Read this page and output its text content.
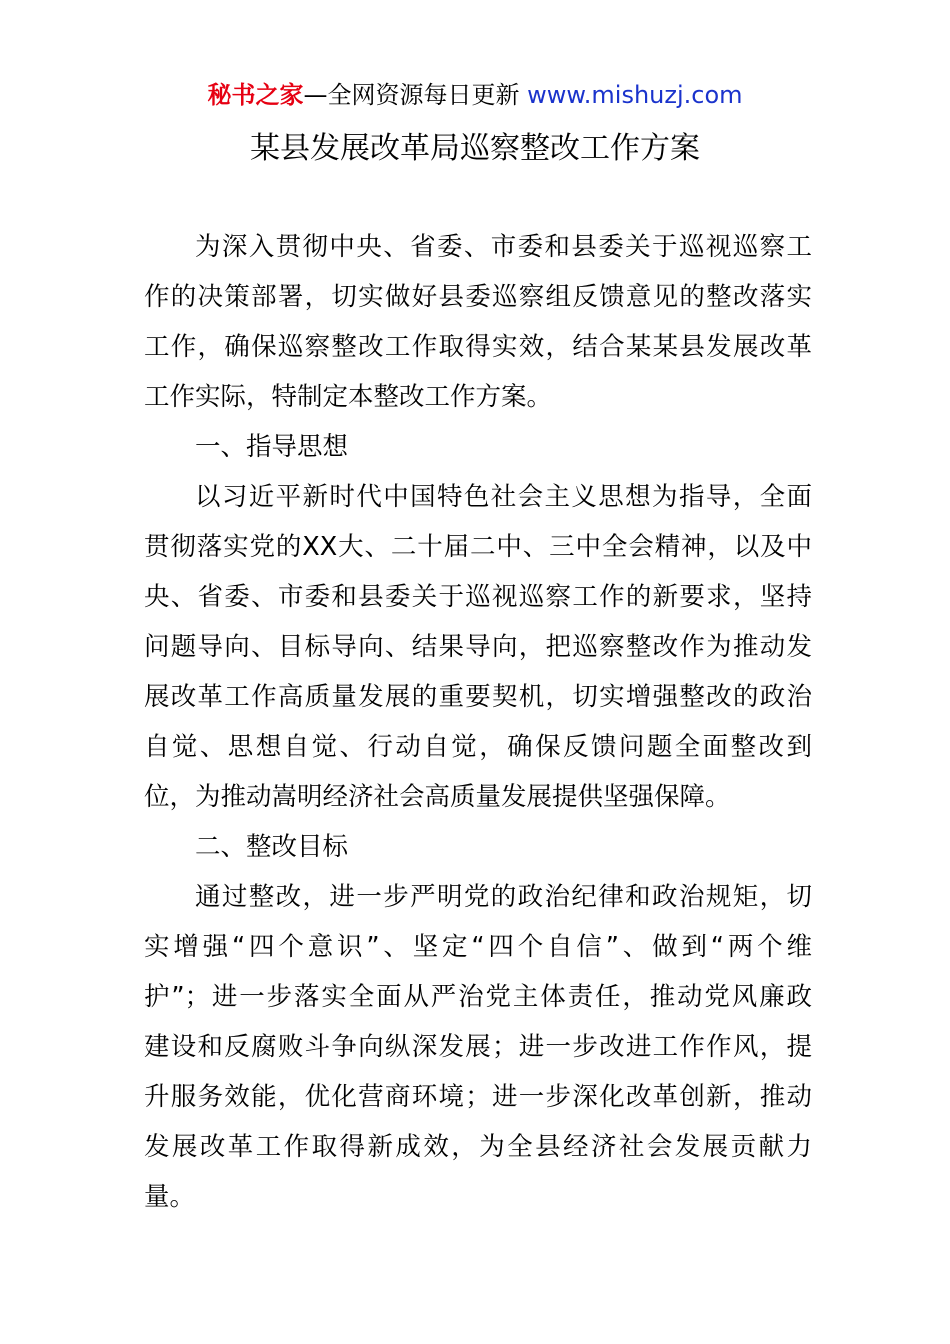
秘书之家—全网资源每日更新 www.mishuzj.com
某县发展改革局巡察整改工作方案
为深入贯彻中央、省委、市委和县委关于巡视巡察工
作的决策部署，切实做好县委巡察组反馈意见的整改落实
工作，确保巡察整改工作取得实效，结合某某县发展改革
工作实际，特制定本整改工作方案。
一、指导思想
以习近平新时代中国特色社会主义思想为指导，全面
贯彻落实党的XX大、二十届二中、三中全会精神，以及中
央、省委、市委和县委关于巡视巡察工作的新要求，坚持
问题导向、目标导向、结果导向，把巡察整改作为推动发
展改革工作高质量发展的重要契机，切实增强整改的政治
自觉、思想自觉、行动自觉，确保反馈问题全面整改到
位，为推动嵩明经济社会高质量发展提供坚强保障。
二、整改目标
通过整改，进一步严明党的政治纪律和政治规矩，切
实增强“四个意识”、坚定“四个自信”、做到“两个维
护”；进一步落实全面从严治党主体责任，推动党风廉政
建设和反腐败斗争向纵深发展；进一步改进工作作风，提
升服务效能，优化营商环境；进一步深化改革创新，推动
发展改革工作取得新成效，为全县经济社会发展贡献力
量。
